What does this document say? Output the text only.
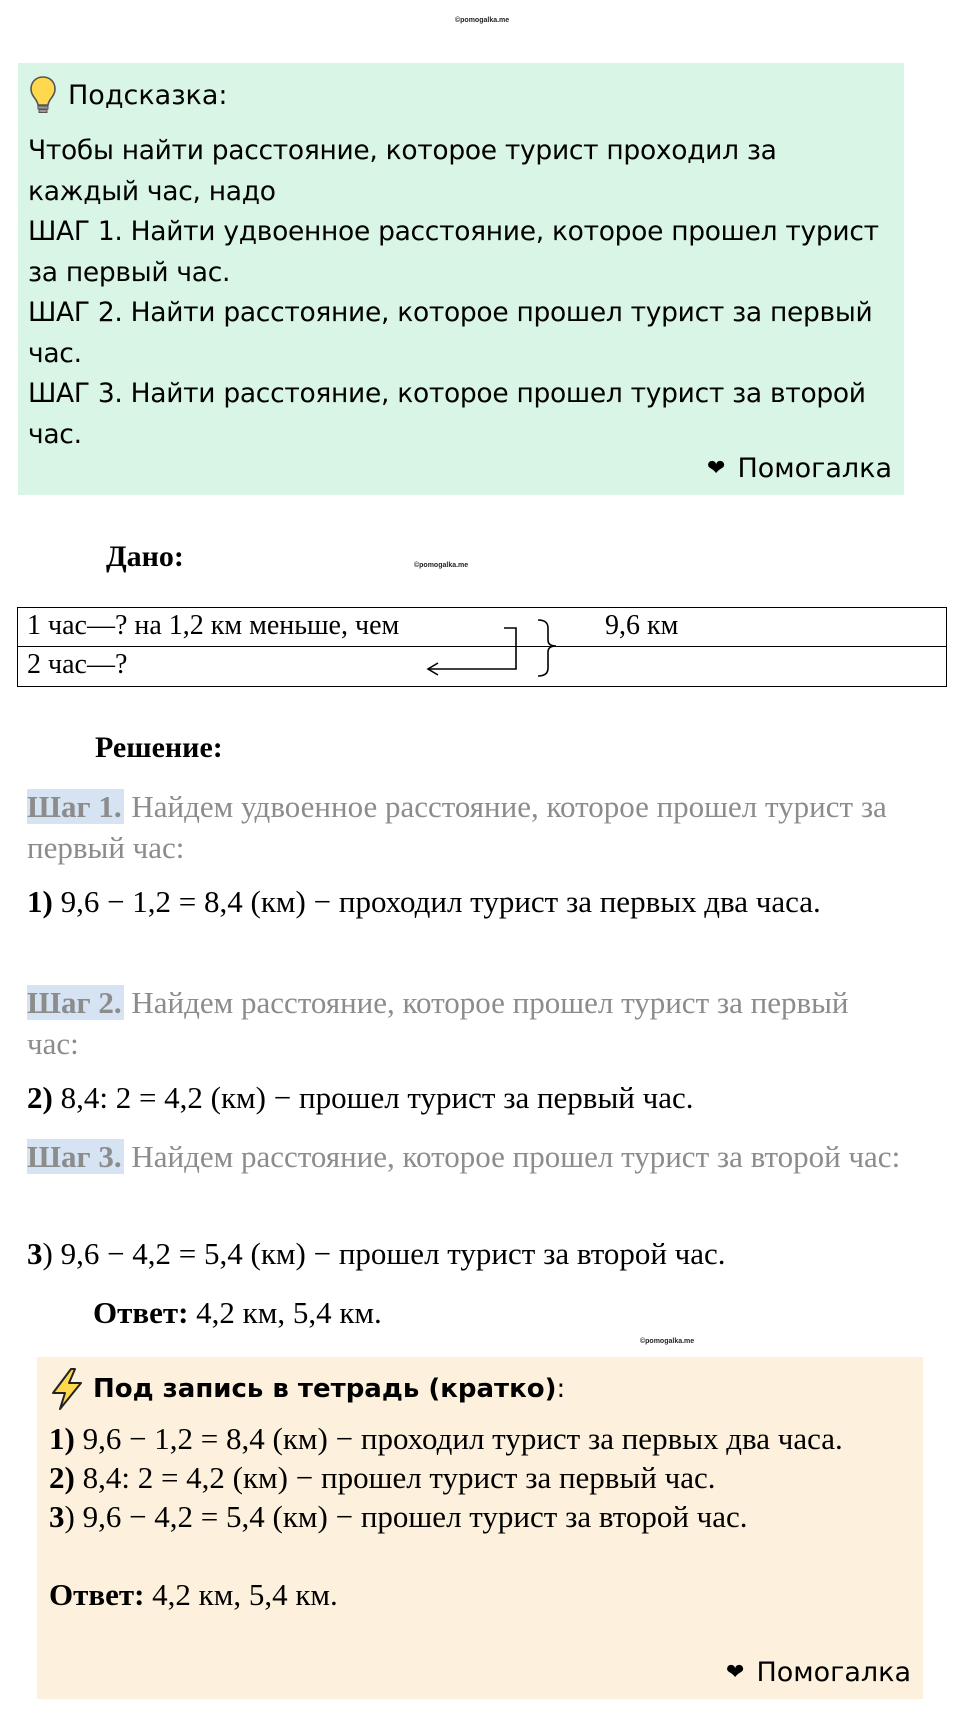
©pomogalka.me
Подсказка:

Чтобы найти расстояние, которое турист проходил за каждый час, надо

ШАГ 1. Найти удвоенное расстояние, которое прошел турист за первый час.

ШАГ 2. Найти расстояние, которое прошел турист за первый час.

ШАГ 3. Найти расстояние, которое прошел турист за второй час.

❤ Помогалка
Дано:	©pomogalka.me
1 час—? на 1,2 км меньше, чем
2 час—?
9,6 км
Решение:
Шаг 1. Найдем удвоенное расстояние, которое прошел турист за первый час:
1) 9,6 − 1,2 = 8,4 (км) − проходил турист за первых два часа.
Шаг 2. Найдем расстояние, которое прошел турист за первый час:
2) 8,4: 2 = 4,2 (км) − прошел турист за первый час.
Шаг 3. Найдем расстояние, которое прошел турист за второй час:
3) 9,6 − 4,2 = 5,4 (км) − прошел турист за второй час.
Ответ: 4,2 км, 5,4 км.
©pomogalka.me
Под запись в тетрадь (кратко):

1) 9,6 − 1,2 = 8,4 (км) − проходил турист за первых два часа.

2) 8,4: 2 = 4,2 (км) − прошел турист за первый час.

3) 9,6 − 4,2 = 5,4 (км) − прошел турист за второй час.

Ответ: 4,2 км, 5,4 км.

❤ Помогалка
